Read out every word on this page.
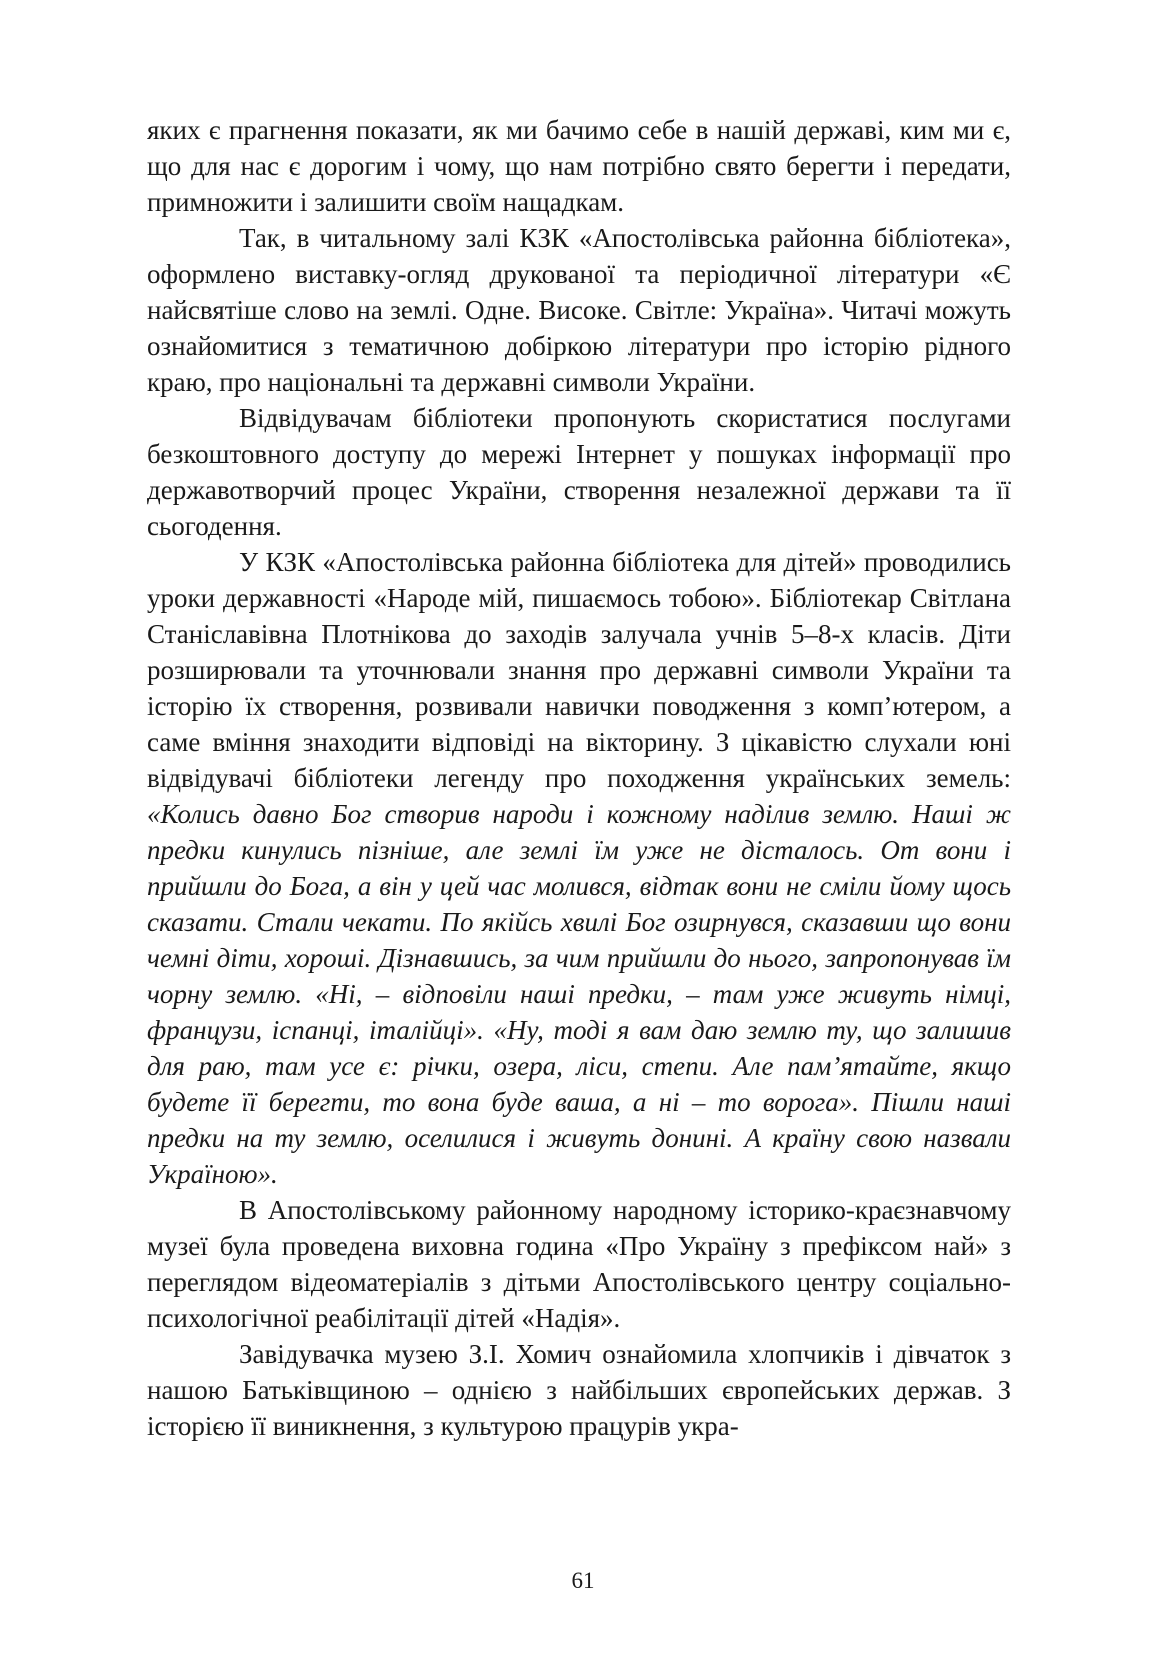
яких є прагнення показати, як ми бачимо себе в нашій державі, ким ми є, що для нас є дорогим і чому, що нам потрібно свято берегти і передати, примножити і залишити своїм нащадкам.

Так, в читальному залі КЗК «Апостолівська районна бібліотека», оформлено виставку-огляд друкованої та періодичної літератури «Є найсвятіше слово на землі. Одне. Високе. Світле: Україна». Читачі можуть ознайомитися з тематичною добіркою літератури про історію рідного краю, про національні та державні символи України.

Відвідувачам бібліотеки пропонують скористатися послугами безкоштовного доступу до мережі Інтернет у пошуках інформації про державотворчий процес України, створення незалежної держави та її сьогодення.

У КЗК «Апостолівська районна бібліотека для дітей» проводились уроки державності «Народе мій, пишаємось тобою». Бібліотекар Світлана Станіславівна Плотнікова до заходів залучала учнів 5–8-х класів. Діти розширювали та уточнювали знання про державні символи України та історію їх створення, розвивали навички поводження з комп’ютером, а саме вміння знаходити відповіді на вікторину. З цікавістю слухали юні відвідувачі бібліотеки легенду про походження українських земель: «Колись давно Бог створив народи і кожному наділив землю. Наші ж предки кинулись пізніше, але землі їм уже не дісталось. От вони і прийшли до Бога, а він у цей час молився, відтак вони не сміли йому щось сказати. Стали чекати. По якійсь хвилі Бог озирнувся, сказавши що вони чемні діти, хороші. Дізнавшись, за чим прийшли до нього, запропонував їм чорну землю. «Ні, – відповіли наші предки, – там уже живуть німці, французи, іспанці, італійці». «Ну, тоді я вам даю землю ту, що залишив для раю, там усе є: річки, озера, ліси, степи. Але пам’ятайте, якщо будете її берегти, то вона буде ваша, а ні – то ворога». Пішли наші предки на ту землю, оселилися і живуть донині. А країну свою назвали Україною».

В Апостолівському районному народному історико-краєзнавчому музеї була проведена виховна година «Про Україну з префіксом най» з переглядом відеоматеріалів з дітьми Апостолівського центру соціально-психологічної реабілітації дітей «Надія».

Завідувачка музею З.І. Хомич ознайомила хлопчиків і дівчаток з нашою Батьківщиною – однією з найбільших європейських держав. З історією її виникнення, з культурою працурів укра-

61
